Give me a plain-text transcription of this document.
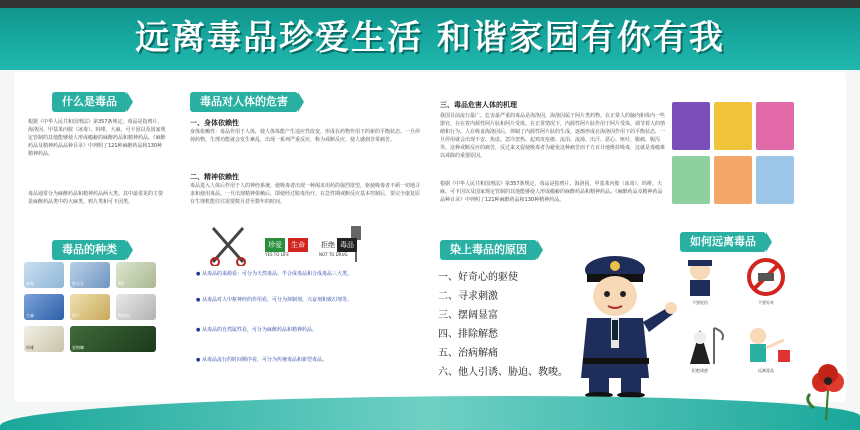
远离毒品珍爱生活 和谐家园有你有我
什么是毒品
根据《中华人民共和国刑法》第357条规定，毒品是指鸦片、海洛因、甲基苯丙胺（冰毒）、吗啡、大麻、可卡因以及国家规定管制的其他能够使人形成瘾癖的麻醉药品和精神药品。《麻醉药品及精神药品品种目录》中列明了121种麻醉药品和130种精神药品。
毒品通常分为麻醉药品和精神药品两大类。其中最常见的主要是麻醉药品类中的大麻类、鸦片类和可卡因类。
毒品的种类
冰毒	摇头丸	K粉
大麻	鸦片	海洛因
吗啡	安钠咖
毒品对人体的危害
一、身体依赖性
身体依赖性：毒品作用于人体，使人体体能产生适应性改变，形成在药物作用下的新的平衡状态。一旦停掉药物，生理功能就会发生紊乱，出现一系列严重反应，称为戒断反应，使人感到非常痛苦。
二、精神依赖性
毒品进入人体后作用于人的神经系统，使吸毒者出现一种渴求用药的强烈欲望，驱使吸毒者不顾一切地寻求和使用毒品。一旦出现精神依赖后，即使经过脱毒治疗，在急性期戒断反应基本控制后，要完全康复原有生理机能往往需要数月甚至数年的时间。
珍爱	生命
YES TO LIFE
拒绝 毒品
NOT TO DRUG
● 从毒品的来源看：可分为天然毒品、半合成毒品和合成毒品三大类。
● 从毒品对人中枢神经的作用看，可分为抑制剂、兴奋剂和致幻剂等。
● 从毒品的自然属性看，可分为麻醉药品和精神药品。
● 从毒品流行的时间顺序看，可分为传统毒品和新型毒品。
三、毒品危害人体的机理
我国目前流行最广、危害最严重的毒品是海洛因，海洛因属于阿片类药物。在正常人的脑内和体内一些器官，存在着内源性阿片肽和阿片受体。在正常情况下，内源性阿片肽作用于阿片受体，调节着人的情绪和行为。人在吸食海洛因后，抑制了内源性阿片肽的生成，逐渐形成在海洛因作用下的平衡状态，一旦停用就会出现不安、焦虑、忽冷忽热、起鸡皮疙瘩、流泪、流涕、出汗、恶心、呕吐、腹痛、腹泻等。这种戒断反应的痛苦，反过来又促使吸毒者为避免这种痛苦而千方百计地维持吸毒，这就是毒瘾难以戒除的重要原因。
根据《中华人民共和国刑法》第357条规定，毒品是指鸦片、海洛因、甲基苯丙胺（冰毒）、吗啡、大麻、可卡因以及国家规定管制的其他能够使人形成瘾癖的麻醉药品和精神药品。《麻醉药品及精神药品品种目录》中列明了121种麻醉药品和130种精神药品。
染上毒品的原因
一、好奇心的驱使
二、寻求刺激
三、摆阔显富
四、排除解愁
五、治病解痛
六、他人引诱、胁迫、教唆。
如何远离毒品
不要轻信	不要好奇
拒绝诱惑	远离毒品
